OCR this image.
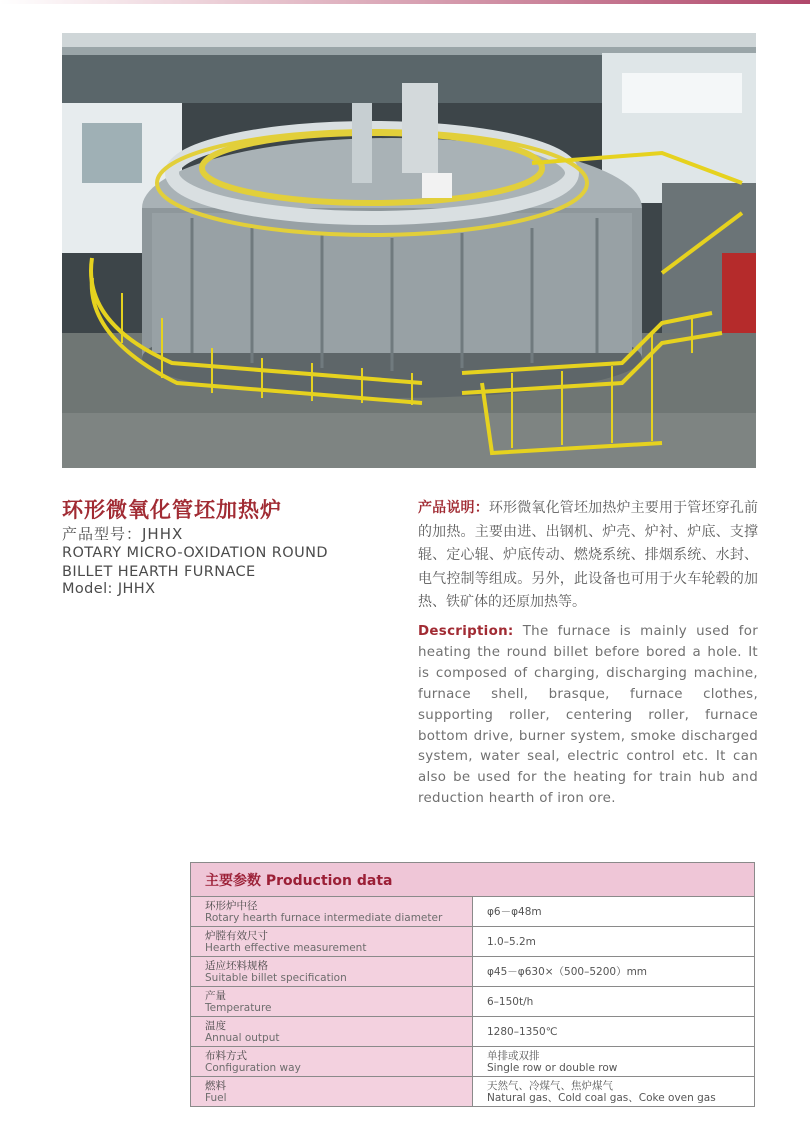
环形微氧化管坯加热炉
产品型号：JHHX
ROTARY MICRO-OXIDATION ROUND
BILLET HEARTH FURNACE
Model: JHHX

产品说明：环形微氧化管坯加热炉主要用于管坯穿孔前的加热。主要由进、出钢机、炉壳、炉衬、炉底、支撑辊、定心辊、炉底传动、燃烧系统、排烟系统、水封、电气控制等组成。另外，此设备也可用于火车轮毂的加热、铁矿体的还原加热等。

Description: The furnace is mainly used for heating the round billet before bored a hole. It is composed of charging, discharging machine, furnace shell, brasque, furnace clothes, supporting roller, centering roller, furnace bottom drive, burner system, smoke discharged system, water seal, electric control etc. It can also be used for the heating for train hub and reduction hearth of iron ore.

主要参数 Production data	

环形炉中径
Rotary hearth furnace intermediate diameter	φ6－φ48m

炉膛有效尺寸
Hearth effective measurement	1.0–5.2m

适应坯料规格
Suitable billet specification	φ45－φ630×（500–5200）mm

产量
Temperature	6–150t/h

温度
Annual output	1280–1350℃

布料方式
Configuration way	单排或双排
Single row or double row

燃料
Fuel	天然气、冷煤气、焦炉煤气
Natural gas、Cold coal gas、Coke oven gas
